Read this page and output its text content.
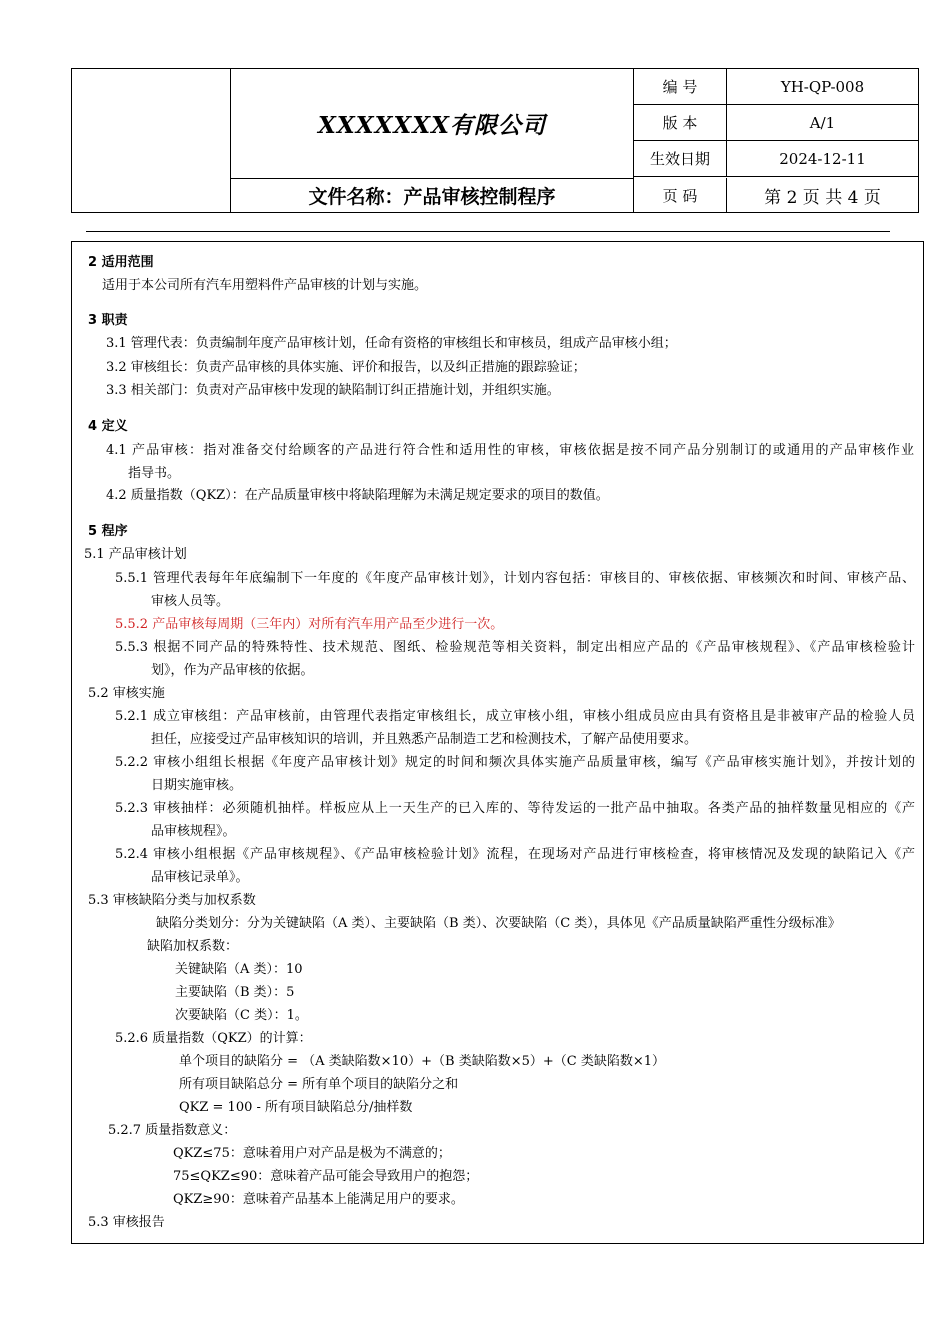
XXXXXXX有限公司
文件名称：产品审核控制程序
编 号	YH-QP-008
版 本	A/1
生效日期	2024-12-11
页 码	第 2 页 共 4 页
2 适用范围
适用于本公司所有汽车用塑料件产品审核的计划与实施。
3 职责
3.1 管理代表：负责编制年度产品审核计划，任命有资格的审核组长和审核员，组成产品审核小组；
3.2 审核组长：负责产品审核的具体实施、评价和报告，以及纠正措施的跟踪验证；
3.3 相关部门：负责对产品审核中发现的缺陷制订纠正措施计划，并组织实施。
4 定义
4.1 产品审核：指对准备交付给顾客的产品进行符合性和适用性的审核，审核依据是按不同产品分别制订的或通用的产品审核作业
指导书。
4.2 质量指数（QKZ）：在产品质量审核中将缺陷理解为未满足规定要求的项目的数值。
5 程序
5.1 产品审核计划
5.5.1 管理代表每年年底编制下一年度的《年度产品审核计划》，计划内容包括：审核目的、审核依据、审核频次和时间、审核产品、
审核人员等。
5.5.2 产品审核每周期（三年内）对所有汽车用产品至少进行一次。
5.5.3 根据不同产品的特殊特性、技术规范、图纸、检验规范等相关资料，制定出相应产品的《产品审核规程》、《产品审核检验计
划》，作为产品审核的依据。
5.2 审核实施
5.2.1 成立审核组：产品审核前，由管理代表指定审核组长，成立审核小组，审核小组成员应由具有资格且是非被审产品的检验人员
担任，应接受过产品审核知识的培训，并且熟悉产品制造工艺和检测技术，了解产品使用要求。
5.2.2 审核小组组长根据《年度产品审核计划》规定的时间和频次具体实施产品质量审核，编写《产品审核实施计划》，并按计划的
日期实施审核。
5.2.3 审核抽样：必须随机抽样。样板应从上一天生产的已入库的、等待发运的一批产品中抽取。各类产品的抽样数量见相应的《产
品审核规程》。
5.2.4 审核小组根据《产品审核规程》、《产品审核检验计划》流程，在现场对产品进行审核检查，将审核情况及发现的缺陷记入《产
品审核记录单》。
5.3 审核缺陷分类与加权系数
缺陷分类划分：分为关键缺陷（A 类）、主要缺陷（B 类）、次要缺陷（C 类），具体见《产品质量缺陷严重性分级标准》
缺陷加权系数：
关键缺陷（A 类）：10
主要缺陷（B 类）：5
次要缺陷（C 类）：1。
5.2.6 质量指数（QKZ）的计算：
单个项目的缺陷分 = （A 类缺陷数×10）+（B 类缺陷数×5）+（C 类缺陷数×1）
所有项目缺陷总分 = 所有单个项目的缺陷分之和
QKZ = 100 - 所有项目缺陷总分/抽样数
5.2.7 质量指数意义：
QKZ≤75：意味着用户对产品是极为不满意的；
75≤QKZ≤90：意味着产品可能会导致用户的抱怨；
QKZ≥90：意味着产品基本上能满足用户的要求。
5.3 审核报告
